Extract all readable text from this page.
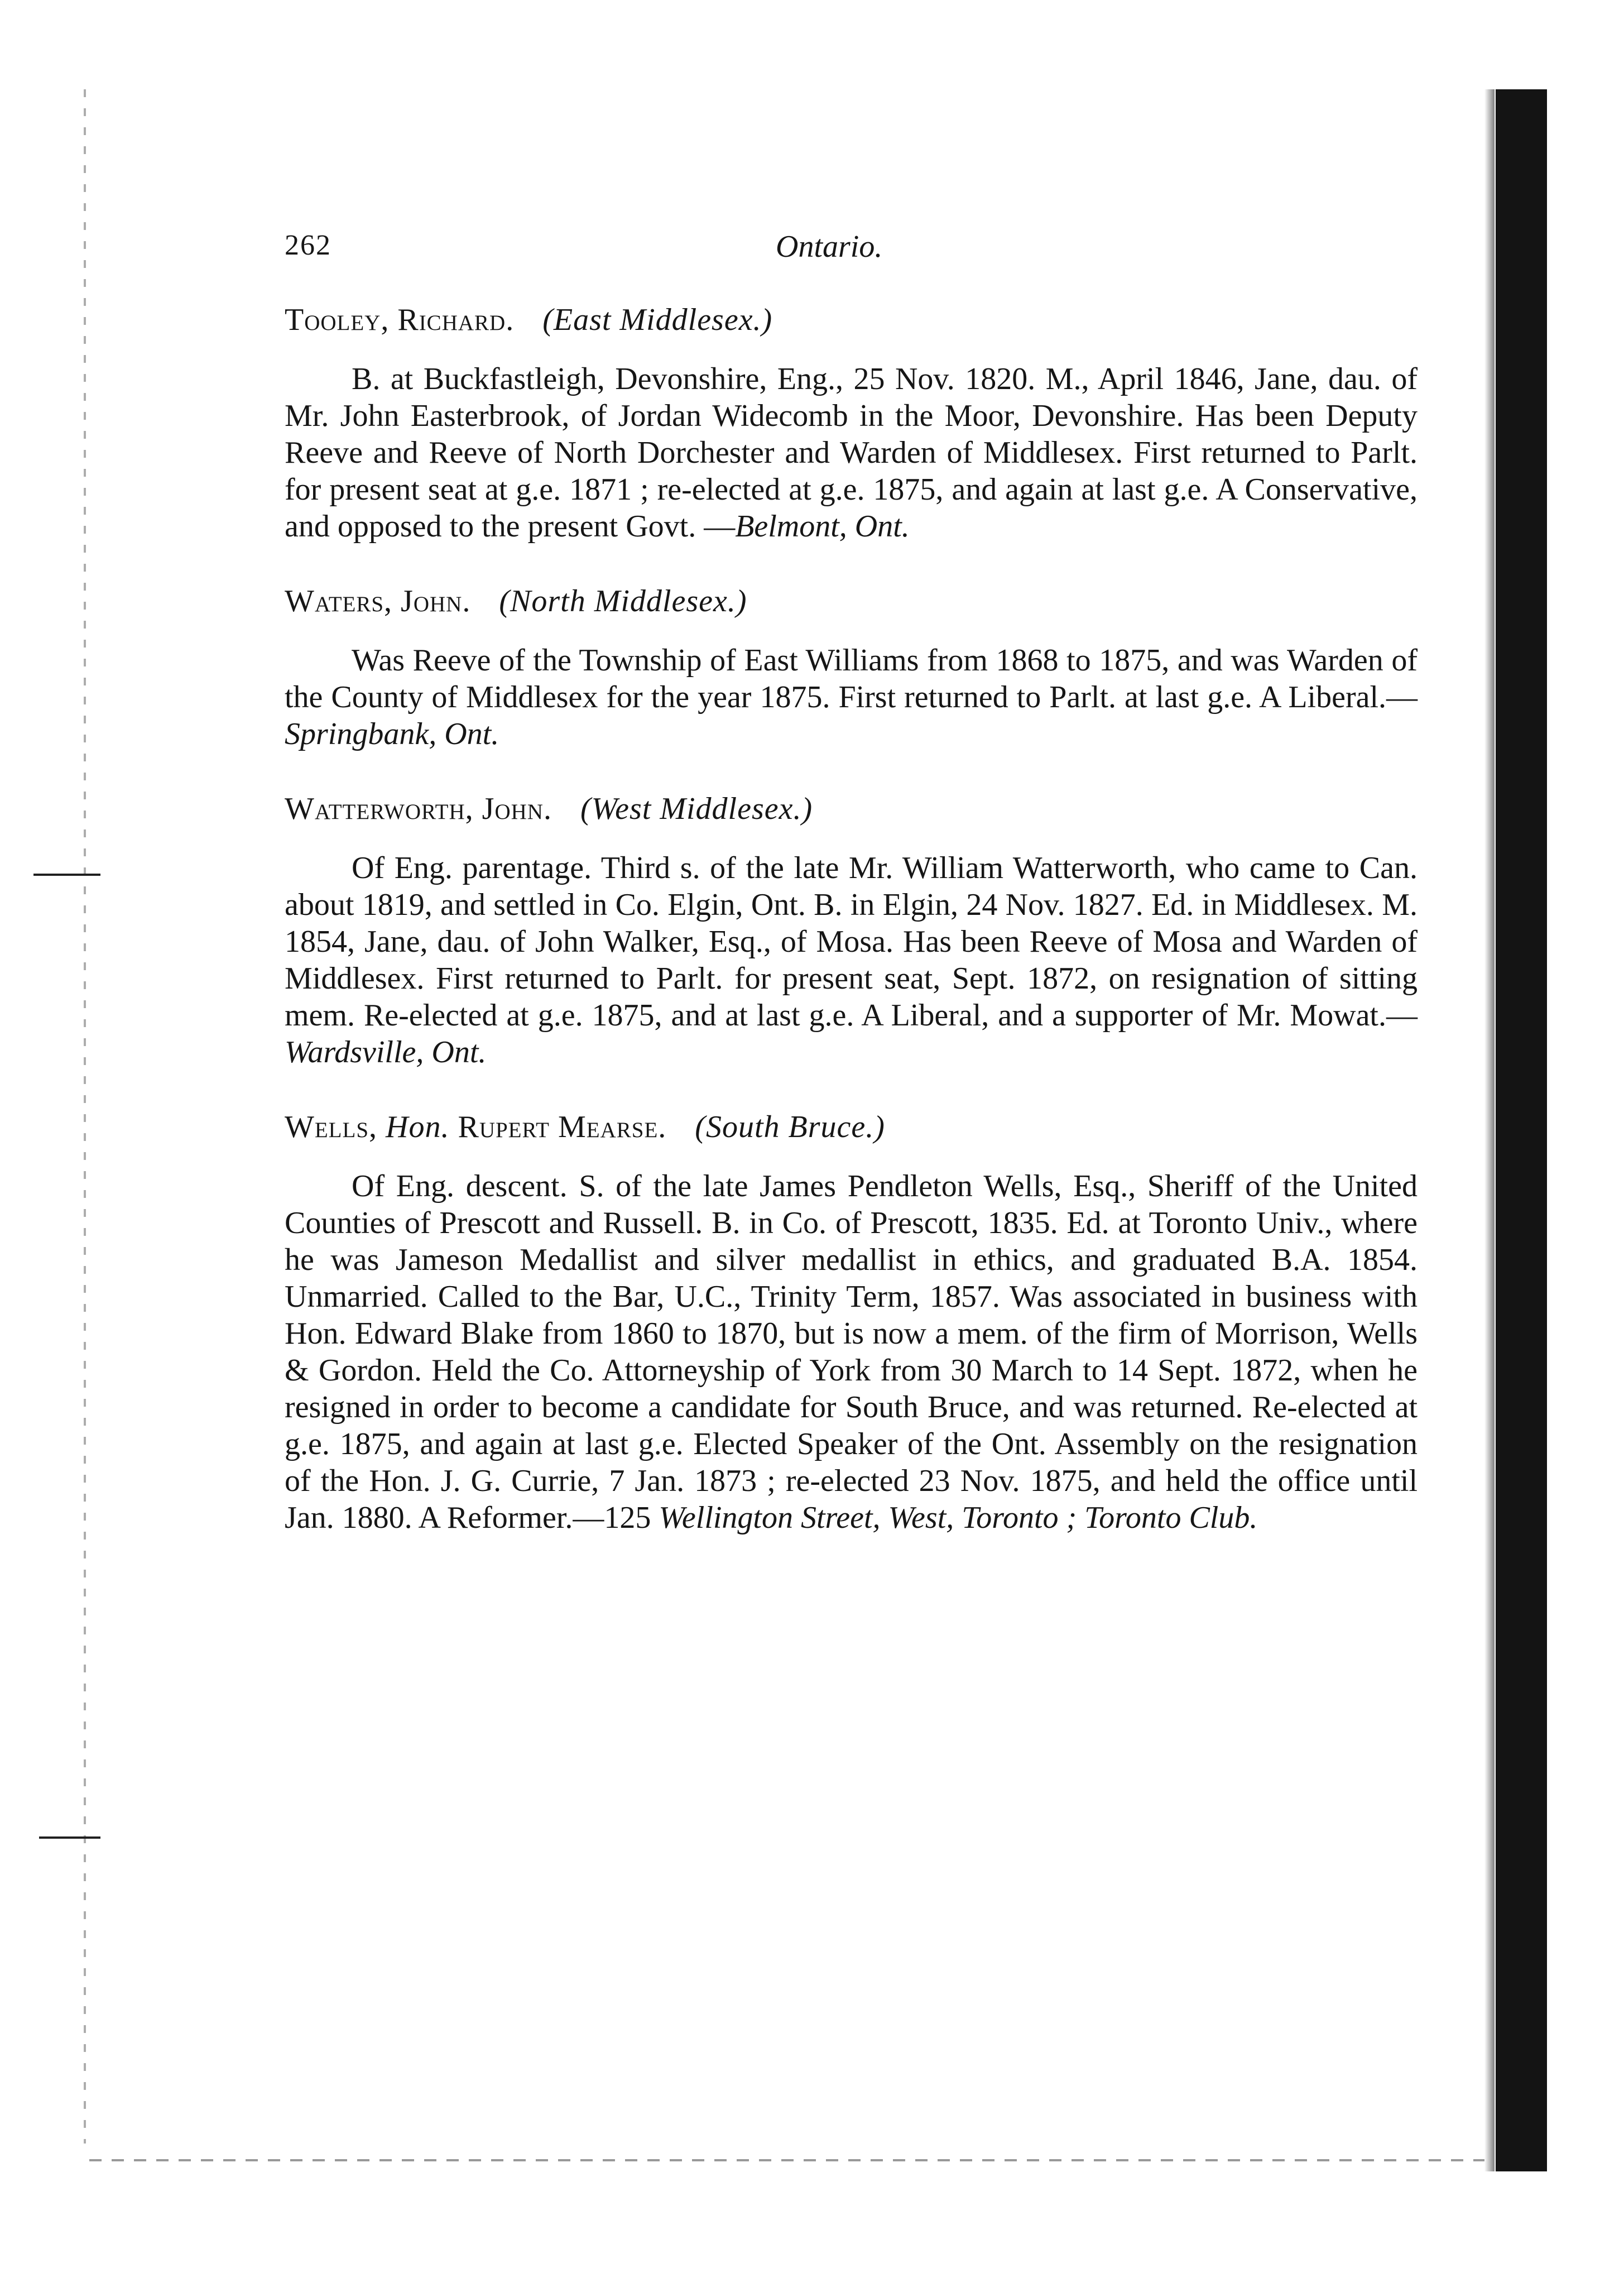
262	Ontario.

Tooley, Richard. (East Middlesex.)

B. at Buckfastleigh, Devonshire, Eng., 25 Nov. 1820. M., April 1846, Jane, dau. of Mr. John Easterbrook, of Jordan Widecomb in the Moor, Devonshire. Has been Deputy Reeve and Reeve of North Dorchester and Warden of Middlesex. First returned to Parlt. for present seat at g.e. 1871 ; re-elected at g.e. 1875, and again at last g.e. A Conservative, and opposed to the present Govt. —Belmont, Ont.

Waters, John. (North Middlesex.)

Was Reeve of the Township of East Williams from 1868 to 1875, and was Warden of the County of Middlesex for the year 1875. First returned to Parlt. at last g.e. A Liberal.—Springbank, Ont.

Watterworth, John. (West Middlesex.)

Of Eng. parentage. Third s. of the late Mr. William Watterworth, who came to Can. about 1819, and settled in Co. Elgin, Ont. B. in Elgin, 24 Nov. 1827. Ed. in Middlesex. M. 1854, Jane, dau. of John Walker, Esq., of Mosa. Has been Reeve of Mosa and Warden of Middlesex. First returned to Parlt. for present seat, Sept. 1872, on resignation of sitting mem. Re-elected at g.e. 1875, and at last g.e. A Liberal, and a supporter of Mr. Mowat.—Wardsville, Ont.

Wells, Hon. Rupert Mearse. (South Bruce.)

Of Eng. descent. S. of the late James Pendleton Wells, Esq., Sheriff of the United Counties of Prescott and Russell. B. in Co. of Prescott, 1835. Ed. at Toronto Univ., where he was Jameson Medallist and silver medallist in ethics, and graduated B.A. 1854. Unmarried. Called to the Bar, U.C., Trinity Term, 1857. Was associated in business with Hon. Edward Blake from 1860 to 1870, but is now a mem. of the firm of Morrison, Wells & Gordon. Held the Co. Attorneyship of York from 30 March to 14 Sept. 1872, when he resigned in order to become a candidate for South Bruce, and was returned. Re-elected at g.e. 1875, and again at last g.e. Elected Speaker of the Ont. Assembly on the resignation of the Hon. J. G. Currie, 7 Jan. 1873 ; re-elected 23 Nov. 1875, and held the office until Jan. 1880. A Reformer.—125 Wellington Street, West, Toronto ; Toronto Club.
